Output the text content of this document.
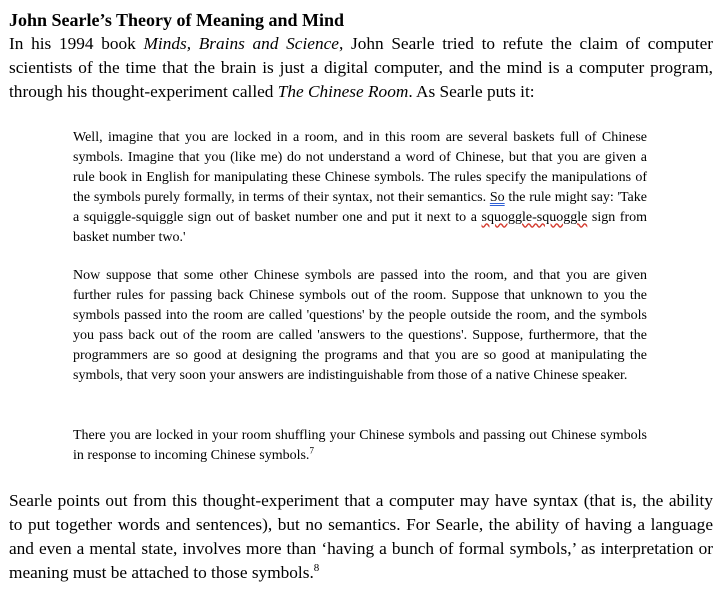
John Searle’s Theory of Meaning and Mind

In his 1994 book Minds, Brains and Science, John Searle tried to refute the claim of computer scientists of the time that the brain is just a digital computer, and the mind is a computer program, through his thought-experiment called The Chinese Room. As Searle puts it:

Well, imagine that you are locked in a room, and in this room are several baskets full of Chinese symbols. Imagine that you (like me) do not understand a word of Chinese, but that you are given a rule book in English for manipulating these Chinese symbols. The rules specify the manipulations of the symbols purely formally, in terms of their syntax, not their semantics. So the rule might say: 'Take a squiggle-squiggle sign out of basket number one and put it next to a squoggle-squoggle sign from basket number two.'

Now suppose that some other Chinese symbols are passed into the room, and that you are given further rules for passing back Chinese symbols out of the room. Suppose that unknown to you the symbols passed into the room are called 'questions' by the people outside the room, and the symbols you pass back out of the room are called 'answers to the questions'. Suppose, furthermore, that the programmers are so good at designing the programs and that you are so good at manipulating the symbols, that very soon your answers are indistinguishable from those of a native Chinese speaker.

There you are locked in your room shuffling your Chinese symbols and passing out Chinese symbols in response to incoming Chinese symbols.$^7$

Searle points out from this thought-experiment that a computer may have syntax (that is, the ability to put together words and sentences), but no semantics. For Searle, the ability of having a language and even a mental state, involves more than ‘having a bunch of formal symbols,’ as interpretation or meaning must be attached to those symbols.$^8$
